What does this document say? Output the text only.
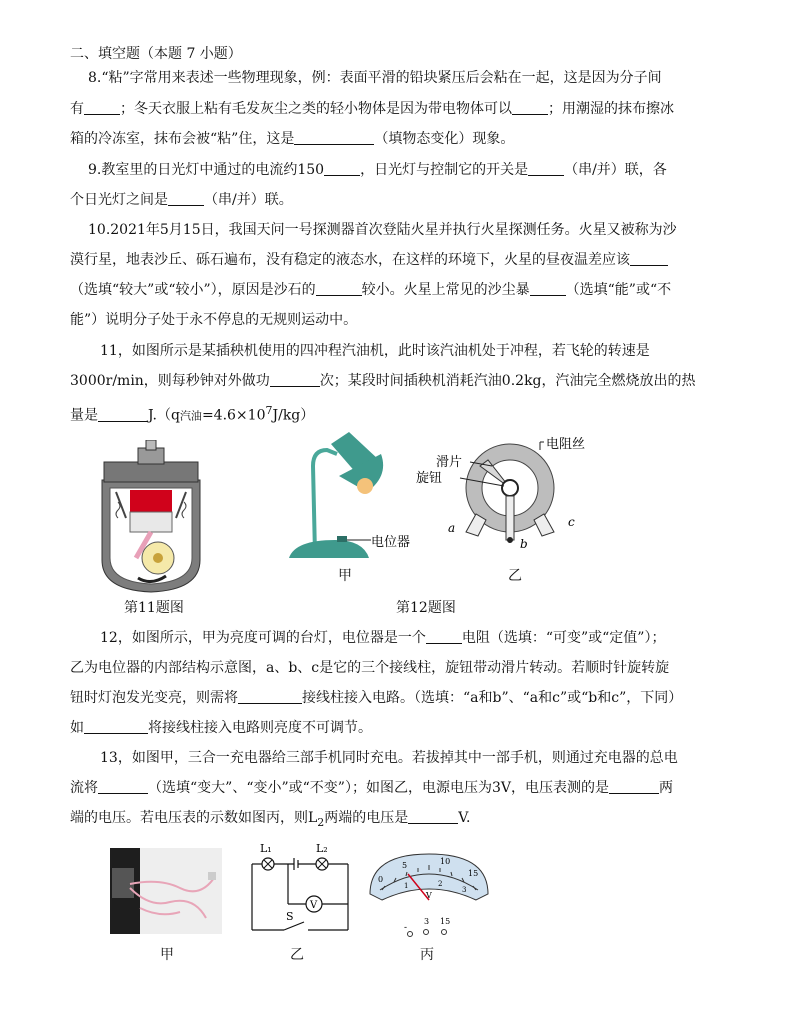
二、填空题（本题 7 小题）
8.“粘”字常用来表述一些物理现象，例：表面平滑的铅块紧压后会粘在一起，这是因为分子间
有	；冬天衣服上粘有毛发灰尘之类的轻小物体是因为带电物体可以	；用潮湿的抹布擦冰
箱的冷冻室，抹布会被“粘”住，这是	（填物态变化）现象。
9.教室里的日光灯中通过的电流约150	，日光灯与控制它的开关是	（串/并）联，各
个日光灯之间是	（串/并）联。
10.2021年5月15日，我国天问一号探测器首次登陆火星并执行火星探测任务。火星又被称为沙
漠行星，地表沙丘、砾石遍布，没有稳定的液态水，在这样的环境下，火星的昼夜温差应该
（选填“较大”或“较小”），原因是沙石的	较小。火星上常见的沙尘暴	（选填“能”或“不
能”）说明分子处于永不停息的无规则运动中。
11，如图所示是某插秧机使用的四冲程汽油机，此时该汽油机处于冲程，若飞轮的转速是
3000r/min，则每秒钟对外做功	次；某段时间插秧机消耗汽油0.2kg，汽油完全燃烧放出的热
量是	J.（q汽油$=4.6\times 10^7J/kg$）
电位器
甲
电阻丝
滑片
旋钮
a
b
c
乙
第11题图	第12题图
12，如图所示，甲为亮度可调的台灯，电位器是一个	电阻（选填：“可变”或“定值”）；
乙为电位器的内部结构示意图，a、b、c是它的三个接线柱，旋钮带动滑片转动。若顺时针旋转旋
钮时灯泡发光变亮，则需将	接线柱接入电路。（选填：“a和b”、“a和c”或“b和c”，下同）
如	将接线柱接入电路则亮度不可调节。
13，如图甲，三合一充电器给三部手机同时充电。若拔掉其中一部手机，则通过充电器的总电
流将	（选填“变大”、“变小”或“不变”）；如图乙，电源电压为3V，电压表测的是	两
端的电压。若电压表的示数如图丙，则$L_2$两端的电压是	V.
甲
L₁	L₂
V
S
乙
0
5	10
15
1	2
3
V
-
3 15
丙
